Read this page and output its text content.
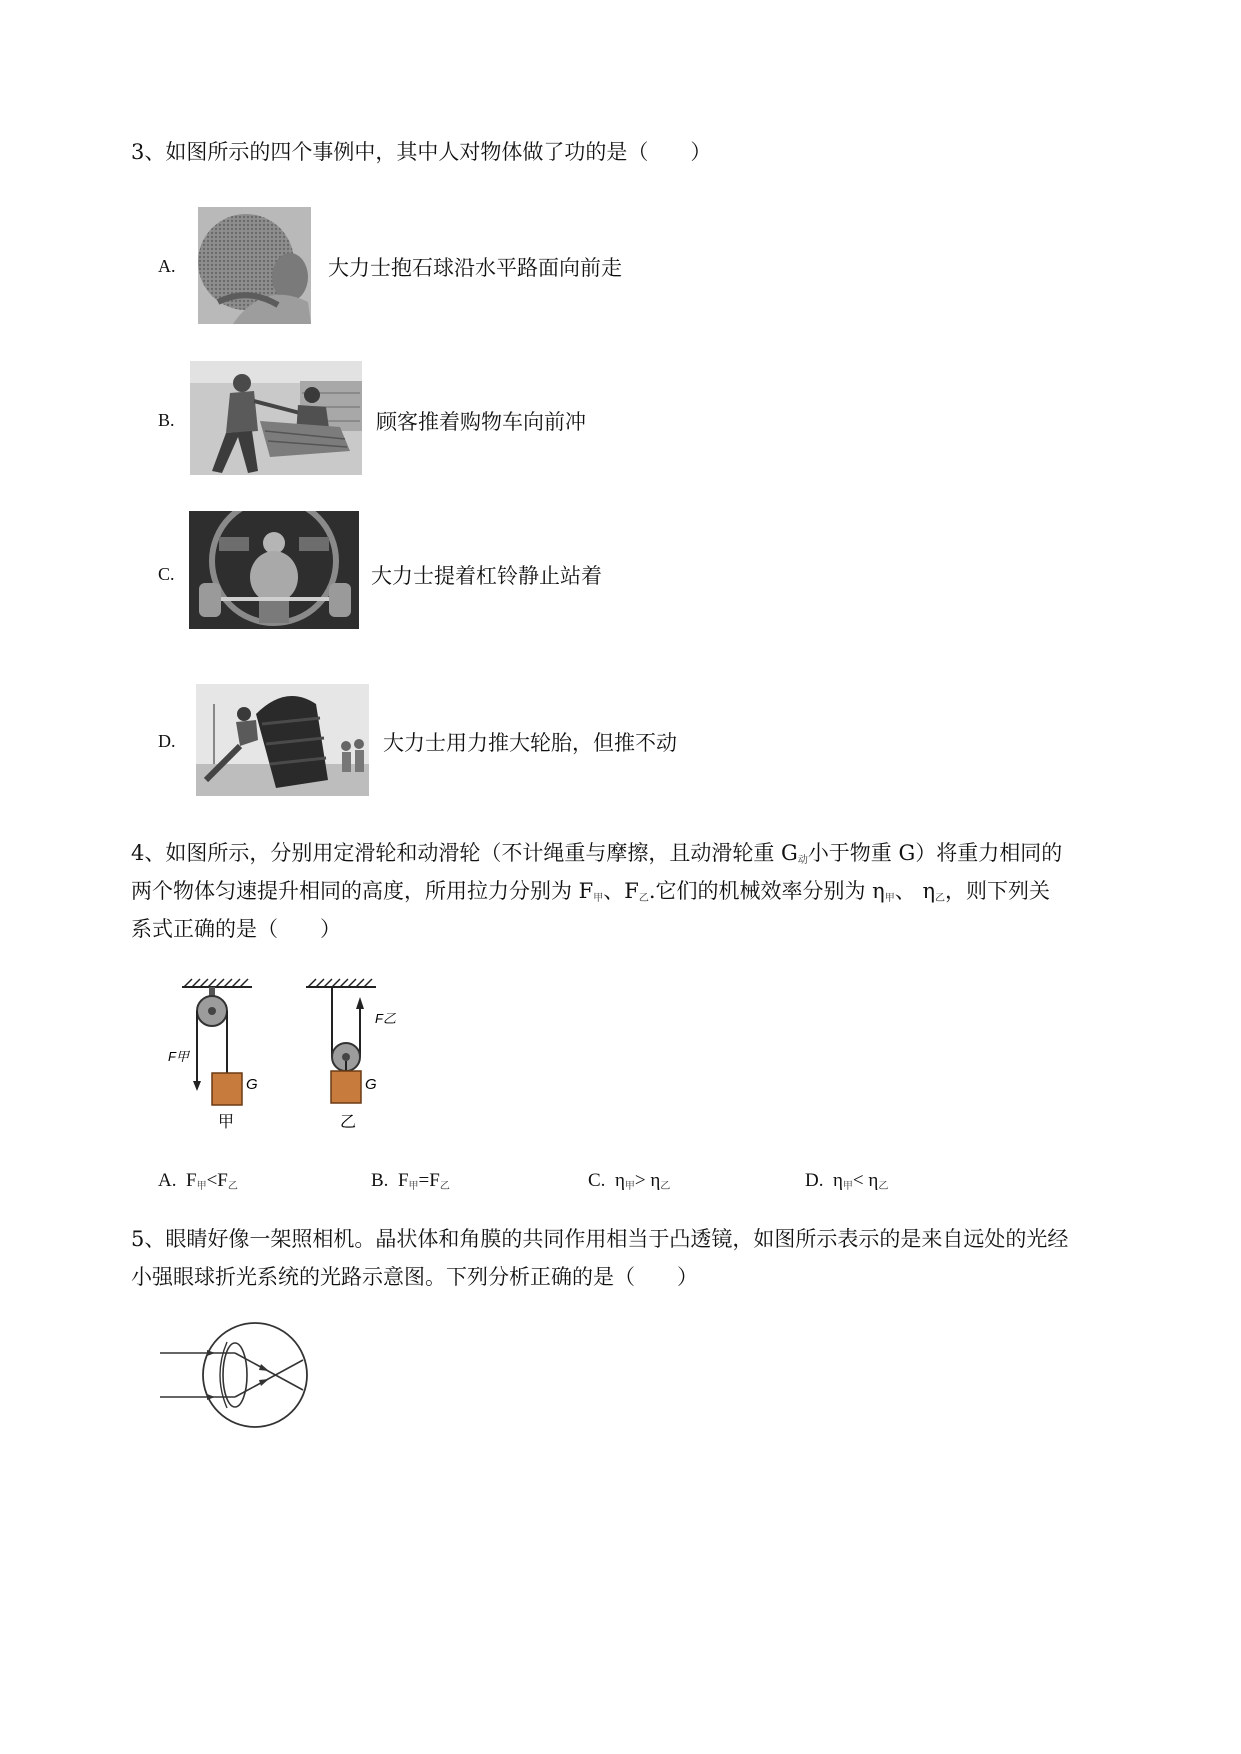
3、如图所示的四个事例中，其中人对物体做了功的是（　　）
A.	大力士抱石球沿水平路面向前走
B.	顾客推着购物车向前冲
C.	大力士提着杠铃静止站着
D.	大力士用力推大轮胎，但推不动
4、如图所示，分别用定滑轮和动滑轮（不计绳重与摩擦，且动滑轮重 $G_动$小于物重 G）将重力相同的
两个物体匀速提升相同的高度，所用拉力分别为 $F_甲$、$F_乙$.它们的机械效率分别为 $\eta_甲$、 $\eta_乙$，则下列关
系式正确的是（　　）
F甲
G
甲
F乙
G
乙
A. $F_甲<F_乙$	B. $F_甲=F_乙$	C. $\eta_甲> \eta_乙$	D. $\eta_甲< \eta_乙$
5、眼睛好像一架照相机。晶状体和角膜的共同作用相当于凸透镜，如图所示表示的是来自远处的光经
小强眼球折光系统的光路示意图。下列分析正确的是（　　）
